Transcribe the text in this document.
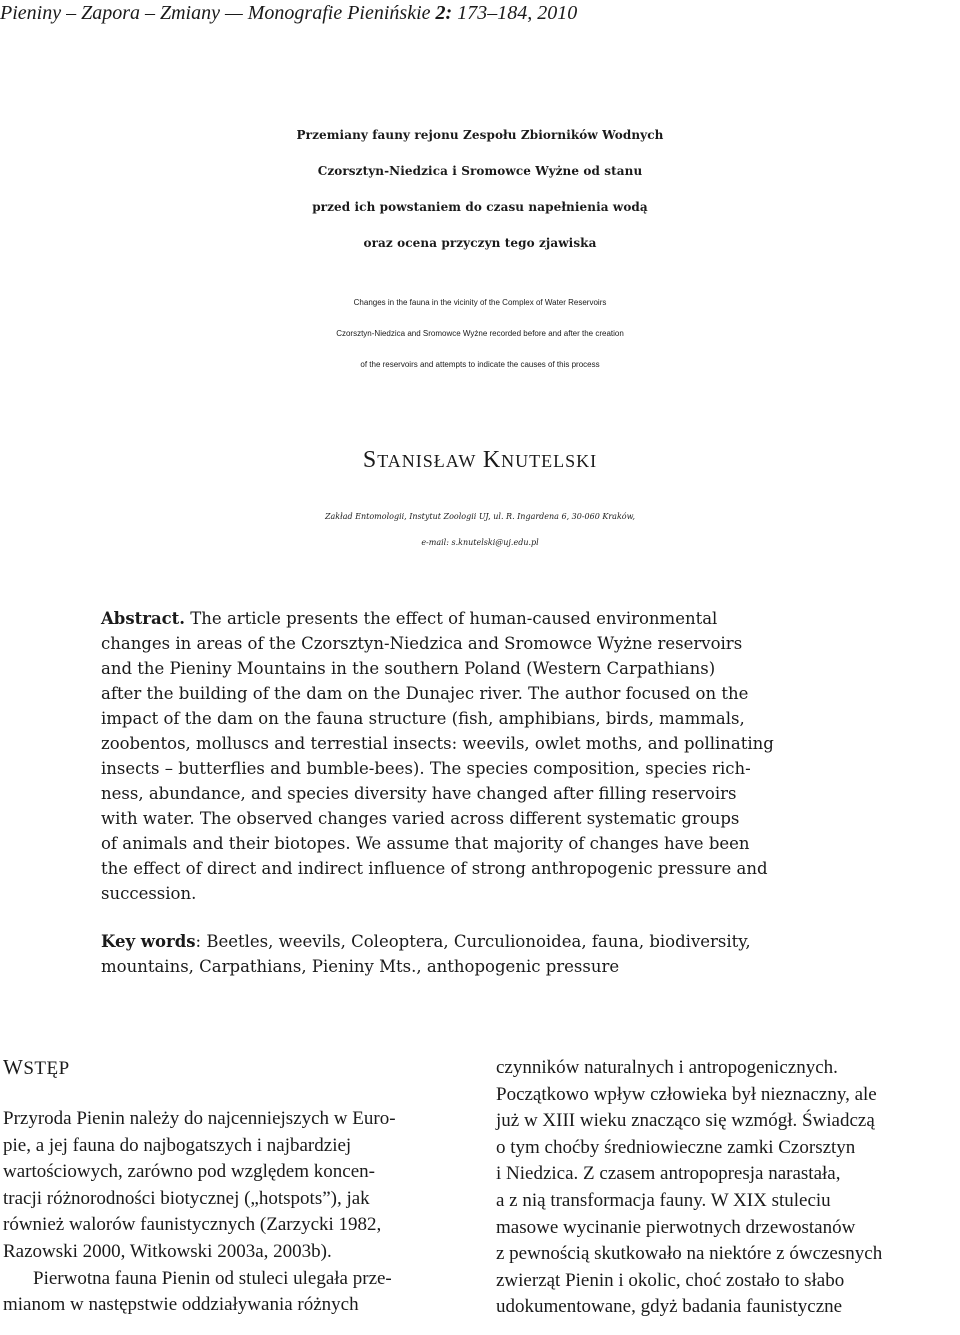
Pieniny – Zapora – Zmiany — Monografie Pienińskie 2: 173–184, 2010
Przemiany fauny rejonu Zespołu Zbiorników Wodnych
Czorsztyn-Niedzica i Sromowce Wyżne od stanu
przed ich powstaniem do czasu napełnienia wodą
oraz ocena przyczyn tego zjawiska
Changes in the fauna in the vicinity of the Complex of Water Reservoirs
Czorsztyn-Niedzica and Sromowce Wyżne recorded before and after the creation
of the reservoirs and attempts to indicate the causes of this process
STANISŁAW KNUTELSKI
Zakład Entomologii, Instytut Zoologii UJ, ul. R. Ingardena 6, 30-060 Kraków,
e-mail: s.knutelski@uj.edu.pl
Abstract. The article presents the effect of human-caused environmental
changes in areas of the Czorsztyn-Niedzica and Sromowce Wyżne reservoirs
and the Pieniny Mountains in the southern Poland (Western Carpathians)
after the building of the dam on the Dunajec river. The author focused on the
impact of the dam on the fauna structure (fish, amphibians, birds, mammals,
zoobentos, molluscs and terrestial insects: weevils, owlet moths, and pollinating
insects – butterflies and bumble-bees). The species composition, species rich-
ness, abundance, and species diversity have changed after filling reservoirs
with water. The observed changes varied across different systematic groups
of animals and their biotopes. We assume that majority of changes have been
the effect of direct and indirect influence of strong anthropogenic pressure and
succession.
Key words: Beetles, weevils, Coleoptera, Curculionoidea, fauna, biodiversity,
mountains, Carpathians, Pieniny Mts., anthopogenic pressure
WSTĘP
Przyroda Pienin należy do najcenniejszych w Euro-
pie, a jej fauna do najbogatszych i najbardziej
wartościowych, zarówno pod względem koncen-
tracji różnorodności biotycznej („hotspots”), jak
również walorów faunistycznych (Zarzycki 1982,
Razowski 2000, Witkowski 2003a, 2003b).
Pierwotna fauna Pienin od stuleci ulegała prze-
mianom w następstwie oddziaływania różnych
czynników naturalnych i antropogenicznych.
Początkowo wpływ człowieka był nieznaczny, ale
już w XIII wieku znacząco się wzmógł. Świadczą
o tym choćby średniowieczne zamki Czorsztyn
i Niedzica. Z czasem antropopresja narastała,
a z nią transformacja fauny. W XIX stuleciu
masowe wycinanie pierwotnych drzewostanów
z pewnością skutkowało na niektóre z ówczesnych
zwierząt Pienin i okolic, choć zostało to słabo
udokumentowane, gdyż badania faunistyczne
